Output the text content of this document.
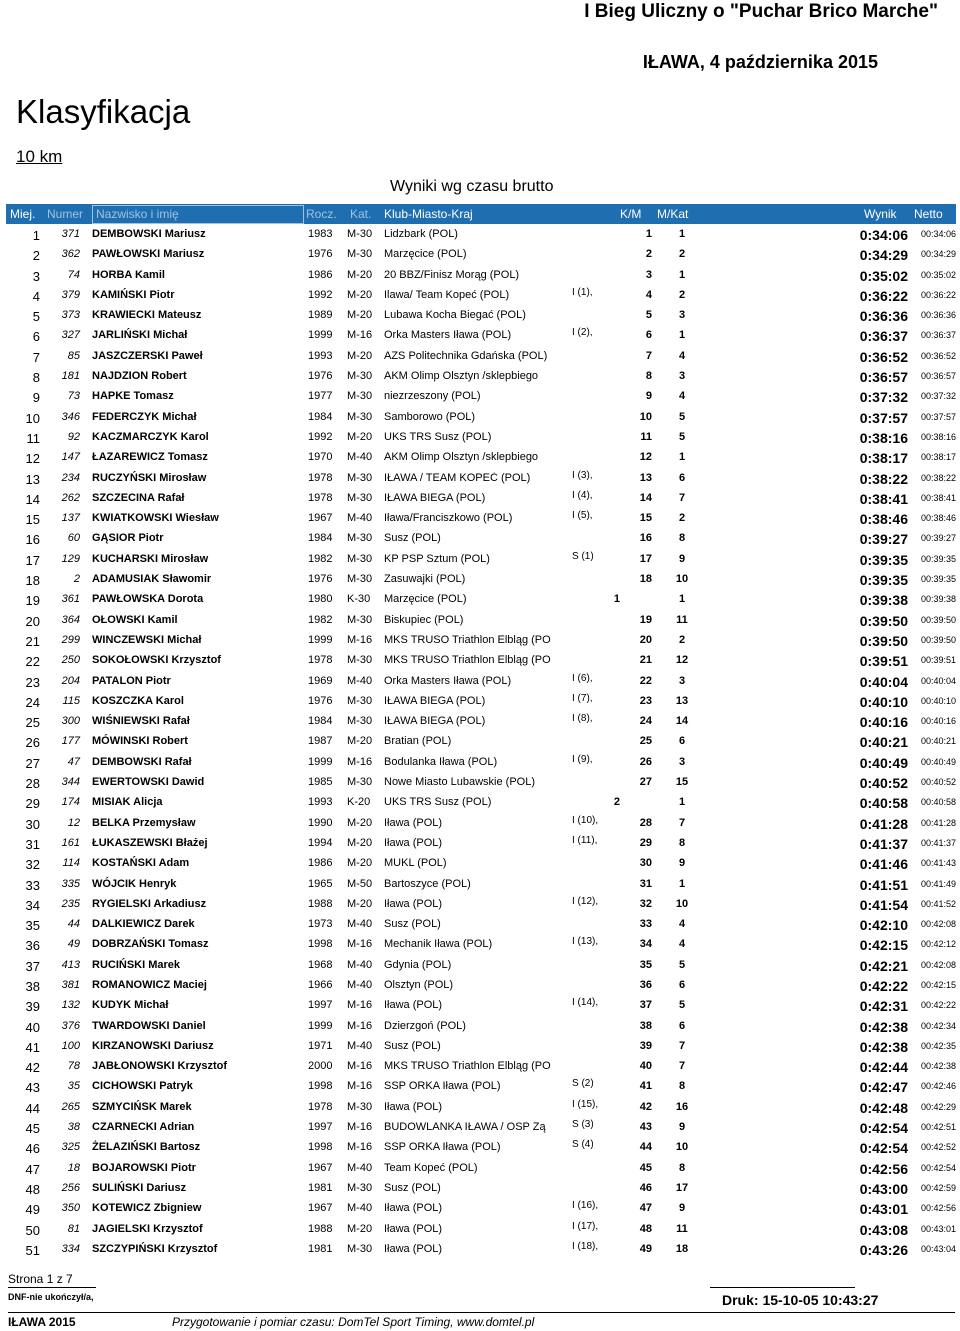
I Bieg Uliczny o "Puchar Brico Marche"
IŁAWA, 4 października 2015
Klasyfikacja
10 km
Wyniki wg czasu brutto
Miej. Numer Nazwisko i imię	Rocz. Kat. Klub-Miasto-Kraj	K/M M/Kat	Wynik Netto
1	371 DEMBOWSKI Mariusz	1983 M-30 Lidzbark (POL)	1	1	0:34:06	00:34:06
2	362 PAWŁOWSKI Mariusz	1976 M-30 Marzęcice (POL)	2	2	0:34:29	00:34:29
3	74 HORBA Kamil	1986 M-20 20 BBZ/Finisz Morąg (POL)	3	1	0:35:02	00:35:02
4	379 KAMIŃSKI Piotr	1992 M-20 Ilawa/ Team Kopeć (POL)	I (1),	4	2	0:36:22	00:36:22
5	373 KRAWIECKI Mateusz	1989 M-20 Lubawa Kocha Biegać (POL)	5	3	0:36:36	00:36:36
6	327 JARLIŃSKI Michał	1999 M-16 Orka Masters Iława (POL)	I (2),	6	1	0:36:37	00:36:37
7	85 JASZCZERSKI Paweł	1993 M-20 AZS Politechnika Gdańska (POL)	7	4	0:36:52	00:36:52
8	181 NAJDZION Robert	1976 M-30 AKM Olimp Olsztyn /sklepbiego	8	3	0:36:57	00:36:57
9	73 HAPKE Tomasz	1977 M-30 niezrzeszony (POL)	9	4	0:37:32	00:37:32
10	346 FEDERCZYK Michał	1984 M-30 Samborowo (POL)	10	5	0:37:57	00:37:57
11	92 KACZMARCZYK Karol	1992 M-20 UKS TRS Susz (POL)	11	5	0:38:16	00:38:16
12	147 ŁAZAREWICZ Tomasz	1970 M-40 AKM Olimp Olsztyn /sklepbiego	12	1	0:38:17	00:38:17
13	234 RUCZYŃSKI Mirosław	1978 M-30 IŁAWA / TEAM KOPEĆ (POL)	I (3),	13	6	0:38:22	00:38:22
14	262 SZCZECINA Rafał	1978 M-30 IŁAWA BIEGA (POL)	I (4),	14	7	0:38:41	00:38:41
15	137 KWIATKOWSKI Wiesław	1967 M-40 Iława/Franciszkowo (POL)	I (5),	15	2	0:38:46	00:38:46
16	60 GĄSIOR Piotr	1984 M-30 Susz (POL)	16	8	0:39:27	00:39:27
17	129 KUCHARSKI Mirosław	1982 M-30 KP PSP Sztum (POL)	S (1)	17	9	0:39:35	00:39:35
18	2 ADAMUSIAK Sławomir	1976 M-30 Zasuwajki (POL)	18	10	0:39:35	00:39:35
19	361 PAWŁOWSKA Dorota	1980 K-30 Marzęcice (POL)	1	1	0:39:38	00:39:38
20	364 OŁOWSKI Kamil	1982 M-30 Biskupiec (POL)	19	11	0:39:50	00:39:50
21	299 WINCZEWSKI Michał	1999 M-16 MKS TRUSO Triathlon Elbląg (PO	20	2	0:39:50	00:39:50
22	250 SOKOŁOWSKI Krzysztof	1978 M-30 MKS TRUSO Triathlon Elbląg (PO	21	12	0:39:51	00:39:51
23	204 PATALON Piotr	1969 M-40 Orka Masters Iława (POL)	I (6),	22	3	0:40:04	00:40:04
24	115 KOSZCZKA Karol	1976 M-30 IŁAWA BIEGA (POL)	I (7),	23	13	0:40:10	00:40:10
25	300 WIŚNIEWSKI Rafał	1984 M-30 IŁAWA BIEGA (POL)	I (8),	24	14	0:40:16	00:40:16
26	177 MÓWINSKI Robert	1987 M-20 Bratian (POL)	25	6	0:40:21	00:40:21
27	47 DEMBOWSKI Rafał	1999 M-16 Bodulanka Iława (POL)	I (9),	26	3	0:40:49	00:40:49
28	344 EWERTOWSKI Dawid	1985 M-30 Nowe Miasto Lubawskie (POL)	27	15	0:40:52	00:40:52
29	174 MISIAK Alicja	1993 K-20 UKS TRS Susz (POL)	2	1	0:40:58	00:40:58
30	12 BELKA Przemysław	1990 M-20 Iława (POL)	I (10),	28	7	0:41:28	00:41:28
31	161 ŁUKASZEWSKI Błażej	1994 M-20 Iława (POL)	I (11),	29	8	0:41:37	00:41:37
32	114 KOSTAŃSKI Adam	1986 M-20 MUKL (POL)	30	9	0:41:46	00:41:43
33	335 WÓJCIK Henryk	1965 M-50 Bartoszyce (POL)	31	1	0:41:51	00:41:49
34	235 RYGIELSKI Arkadiusz	1988 M-20 Iława (POL)	I (12),	32	10	0:41:54	00:41:52
35	44 DALKIEWICZ Darek	1973 M-40 Susz (POL)	33	4	0:42:10	00:42:08
36	49 DOBRZAŃSKI Tomasz	1998 M-16 Mechanik Iława (POL)	I (13),	34	4	0:42:15	00:42:12
37	413 RUCIŃSKI Marek	1968 M-40 Gdynia (POL)	35	5	0:42:21	00:42:08
38	381 ROMANOWICZ Maciej	1966 M-40 Olsztyn (POL)	36	6	0:42:22	00:42:15
39	132 KUDYK Michał	1997 M-16 Iława (POL)	I (14),	37	5	0:42:31	00:42:22
40	376 TWARDOWSKI Daniel	1999 M-16 Dzierzgoń (POL)	38	6	0:42:38	00:42:34
41	100 KIRZANOWSKI Dariusz	1971 M-40 Susz (POL)	39	7	0:42:38	00:42:35
42	78 JABŁONOWSKI Krzysztof	2000 M-16 MKS TRUSO Triathlon Elbląg (PO	40	7	0:42:44	00:42:38
43	35 CICHOWSKI Patryk	1998 M-16 SSP ORKA Iława (POL)	S (2)	41	8	0:42:47	00:42:46
44	265 SZMYCIŃSK Marek	1978 M-30 Iława (POL)	I (15),	42	16	0:42:48	00:42:29
45	38 CZARNECKI Adrian	1997 M-16 BUDOWLANKA IŁAWA / OSP Zą	S (3)	43	9	0:42:54	00:42:51
46	325 ŻELAZIŃSKI Bartosz	1998 M-16 SSP ORKA Iława (POL)	S (4)	44	10	0:42:54	00:42:52
47	18 BOJAROWSKI Piotr	1967 M-40 Team Kopeć (POL)	45	8	0:42:56	00:42:54
48	256 SULIŃSKI Dariusz	1981 M-30 Susz (POL)	46	17	0:43:00	00:42:59
49	350 KOTEWICZ Zbigniew	1967 M-40 Iława (POL)	I (16),	47	9	0:43:01	00:42:56
50	81 JAGIELSKI Krzysztof	1988 M-20 Iława (POL)	I (17),	48	11	0:43:08	00:43:01
51	334 SZCZYPIŃSKI Krzysztof	1981 M-30 Iława (POL)	I (18),	49	18	0:43:26	00:43:04
Strona 1 z 7
DNF-nie ukończył/a,	Druk: 15-10-05 10:43:27
IŁAWA 2015	Przygotowanie i pomiar czasu: DomTel Sport Timing, www.domtel.pl
